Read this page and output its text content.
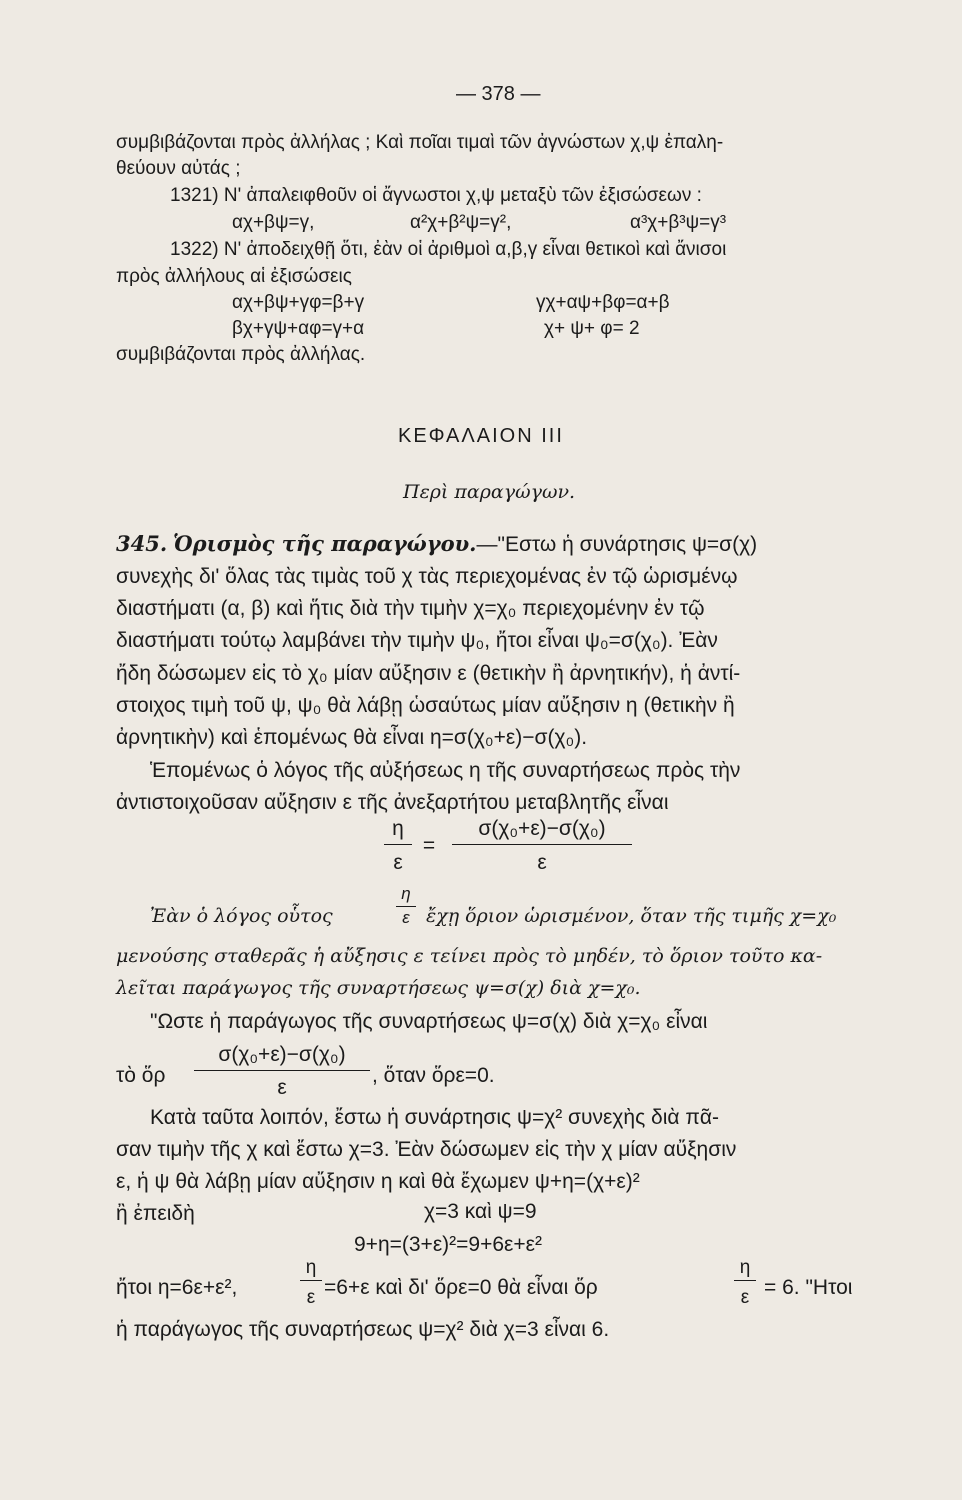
— 378 —
συμβιβάζονται πρὸς ἀλλήλας ; Καὶ ποῖαι τιμαὶ τῶν ἀγνώστων χ,ψ ἐπαλη-
θεύουν αὐτάς ;
1321) Ν' ἀπαλειφθοῦν οἱ ἄγνωστοι χ,ψ μεταξὺ τῶν ἐξισώσεων :
αχ+βψ=γ,	α²χ+β²ψ=γ²,	α³χ+β³ψ=γ³
1322) Ν' ἀποδειχθῇ ὅτι, ἐὰν οἱ ἀριθμοὶ α,β,γ εἶναι θετικοὶ καὶ ἄνισοι
πρὸς ἀλλήλους αἱ ἐξισώσεις
αχ+βψ+γφ=β+γ	γχ+αψ+βφ=α+β
βχ+γψ+αφ=γ+α	χ+ ψ+ φ= 2
συμβιβάζονται πρὸς ἀλλήλας.
ΚΕΦΑΛΑΙΟΝ III
Περὶ παραγώγων.
345. Ὁρισμὸς τῆς παραγώγου.—"Εστω ἡ συνάρτησις ψ=σ(χ)
συνεχὴς δι' ὅλας τὰς τιμὰς τοῦ χ τὰς περιεχομένας ἐν τῷ ὡρισμένῳ
διαστήματι (α, β) καὶ ἥτις διὰ τὴν τιμὴν χ=χ₀ περιεχομένην ἐν τῷ
διαστήματι τούτῳ λαμβάνει τὴν τιμὴν ψ₀, ἤτοι εἶναι ψ₀=σ(χ₀). Ἐὰν
ἤδη δώσωμεν εἰς τὸ χ₀ μίαν αὔξησιν ε (θετικὴν ἢ ἀρνητικήν), ἡ ἀντί-
στοιχος τιμὴ τοῦ ψ, ψ₀ θὰ λάβῃ ὡσαύτως μίαν αὔξησιν η (θετικὴν ἢ
ἀρνητικὴν) καὶ ἑπομένως θὰ εἶναι η=σ(χ₀+ε)−σ(χ₀).
Ἑπομένως ὁ λόγος τῆς αὐξήσεως η τῆς συναρτήσεως πρὸς τὴν
ἀντιστοιχοῦσαν αὔξησιν ε τῆς ἀνεξαρτήτου μεταβλητῆς εἶναι
η
ε
=
σ(χ₀+ε)−σ(χ₀)
ε
Ἐὰν ὁ λόγος οὗτος
η
ε ἔχῃ ὅριον ὡρισμένον, ὅταν τῆς τιμῆς χ=χ₀
μενούσης σταθερᾶς ἡ αὔξησις ε τείνει πρὸς τὸ μηδέν, τὸ ὅριον τοῦτο κα-
λεῖται παράγωγος τῆς συναρτήσεως ψ=σ(χ) διὰ χ=χ₀.
"Ωστε ἡ παράγωγος τῆς συναρτήσεως ψ=σ(χ) διὰ χ=χ₀ εἶναι
τὸ ὅρ
σ(χ₀+ε)−σ(χ₀)
ε
, ὅταν ὅρε=0.
Κατὰ ταῦτα λοιπόν, ἔστω ἡ συνάρτησις ψ=χ² συνεχὴς διὰ πᾶ-
σαν τιμὴν τῆς χ καὶ ἔστω χ=3. Ἐὰν δώσωμεν εἰς τὴν χ μίαν αὔξησιν
ε, ἡ ψ θὰ λάβῃ μίαν αὔξησιν η καὶ θὰ ἔχωμεν ψ+η=(χ+ε)²
ἢ ἐπειδὴ	χ=3 καὶ ψ=9
9+η=(3+ε)²=9+6ε+ε²
ἤτοι η=6ε+ε²,
η
ε =6+ε καὶ δι' ὅρε=0 θὰ εἶναι ὅρ
η
ε = 6. "Ητοι
ἡ παράγωγος τῆς συναρτήσεως ψ=χ² διὰ χ=3 εἶναι 6.
